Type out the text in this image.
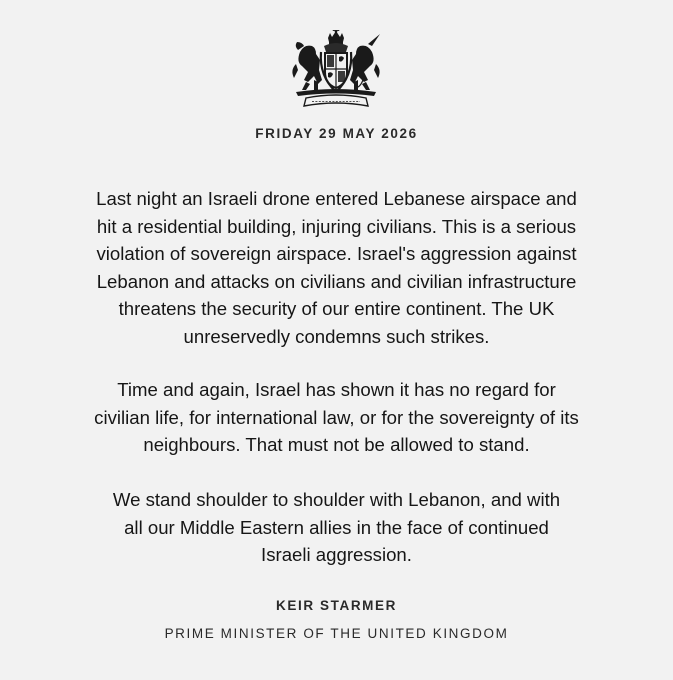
FRIDAY 29 MAY 2026

Last night an Israeli drone entered Lebanese airspace and
hit a residential building, injuring civilians. This is a serious
violation of sovereign airspace. Israel's aggression against
Lebanon and attacks on civilians and civilian infrastructure
threatens the security of our entire continent. The UK
unreservedly condemns such strikes.

Time and again, Israel has shown it has no regard for
civilian life, for international law, or for the sovereignty of its
neighbours. That must not be allowed to stand.

We stand shoulder to shoulder with Lebanon, and with
all our Middle Eastern allies in the face of continued
Israeli aggression.

KEIR STARMER
PRIME MINISTER OF THE UNITED KINGDOM
